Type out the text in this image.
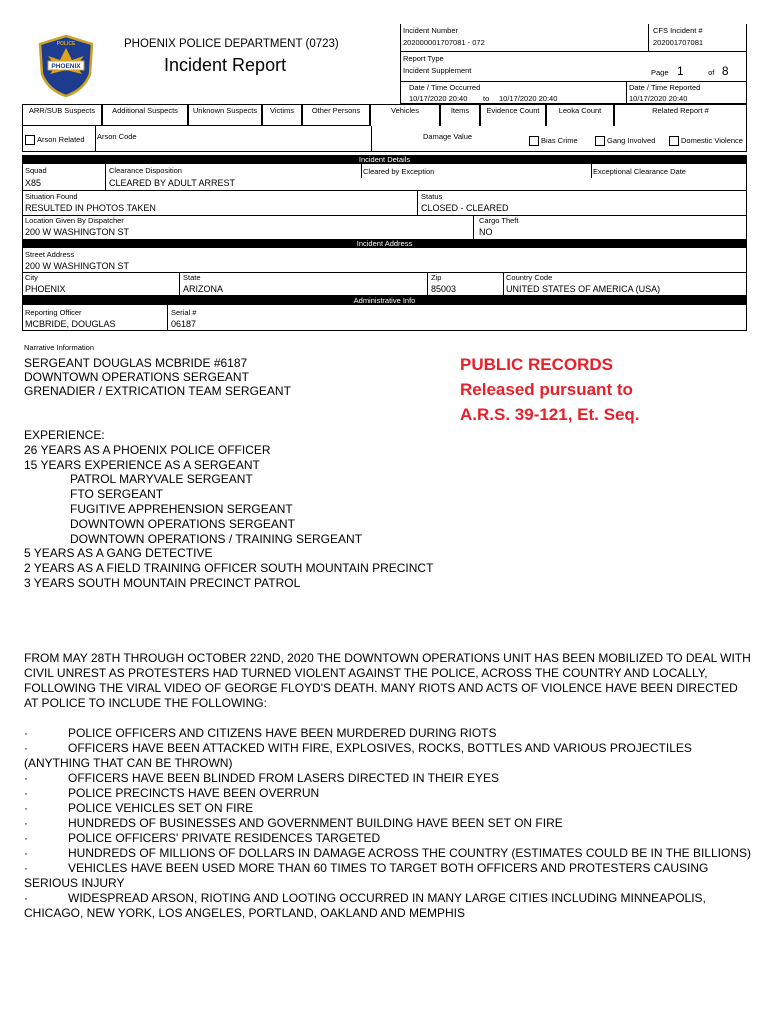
PHOENIX
POLICE	PHOENIX POLICE DEPARTMENT (0723)
Incident Report
Incident Number
202000001707081 - 072
CFS Incident #
202001707081
Report Type
Incident Supplement	Page 1	of 8
Date / Time Occurred
10/17/2020 20:40 to 10/17/2020 20:40
Date / Time Reported
10/17/2020 20:40
ARR/SUB Suspects	Additional Suspects	Unknown Suspects	Victims	Other Persons	Vehicles	Items	Evidence Count	Leoka Count	Related Report #
Arson Related Arson Code	Damage Value	Bias Crime	Gang Involved	Domestic Violence
Incident Details
Squad
X85
Clearance Disposition
CLEARED BY ADULT ARREST
Cleared by Exception	Exceptional Clearance Date
Situation Found
RESULTED IN PHOTOS TAKEN
Status
CLOSED - CLEARED
Location Given By Dispatcher
200 W WASHINGTON ST
Cargo Theft
NO
Incident Address
Street Address
200 W WASHINGTON ST
City
PHOENIX
State
ARIZONA
Zip
85003
Country Code
UNITED STATES OF AMERICA (USA)
Administrative Info
Reporting Officer
MCBRIDE, DOUGLAS
Serial #
06187
Narrative Information
SERGEANT DOUGLAS MCBRIDE #6187
DOWNTOWN OPERATIONS SERGEANT
GRENADIER / EXTRICATION TEAM SERGEANT
PUBLIC RECORDS
Released pursuant to
A.R.S. 39-121, Et. Seq.
EXPERIENCE:
26 YEARS AS A PHOENIX POLICE OFFICER
15 YEARS EXPERIENCE AS A SERGEANT
PATROL MARYVALE SERGEANT
FTO SERGEANT
FUGITIVE APPREHENSION SERGEANT
DOWNTOWN OPERATIONS SERGEANT
DOWNTOWN OPERATIONS / TRAINING SERGEANT
5 YEARS AS A GANG DETECTIVE
2 YEARS AS A FIELD TRAINING OFFICER SOUTH MOUNTAIN PRECINCT
3 YEARS SOUTH MOUNTAIN PRECINCT PATROL
FROM MAY 28TH THROUGH OCTOBER 22ND, 2020 THE DOWNTOWN OPERATIONS UNIT HAS BEEN MOBILIZED TO DEAL WITH CIVIL UNREST AS PROTESTERS HAD TURNED VIOLENT AGAINST THE POLICE, ACROSS THE COUNTRY AND LOCALLY, FOLLOWING THE VIRAL VIDEO OF GEORGE FLOYD'S DEATH. MANY RIOTS AND ACTS OF VIOLENCE HAVE BEEN DIRECTED AT POLICE TO INCLUDE THE FOLLOWING:
·	POLICE OFFICERS AND CITIZENS HAVE BEEN MURDERED DURING RIOTS
·	OFFICERS HAVE BEEN ATTACKED WITH FIRE, EXPLOSIVES, ROCKS, BOTTLES AND VARIOUS PROJECTILES (ANYTHING THAT CAN BE THROWN)
·	OFFICERS HAVE BEEN BLINDED FROM LASERS DIRECTED IN THEIR EYES
·	POLICE PRECINCTS HAVE BEEN OVERRUN
·	POLICE VEHICLES SET ON FIRE
·	HUNDREDS OF BUSINESSES AND GOVERNMENT BUILDING HAVE BEEN SET ON FIRE
·	POLICE OFFICERS' PRIVATE RESIDENCES TARGETED
·	HUNDREDS OF MILLIONS OF DOLLARS IN DAMAGE ACROSS THE COUNTRY (ESTIMATES COULD BE IN THE BILLIONS)
·	VEHICLES HAVE BEEN USED MORE THAN 60 TIMES TO TARGET BOTH OFFICERS AND PROTESTERS CAUSING SERIOUS INJURY
·	WIDESPREAD ARSON, RIOTING AND LOOTING OCCURRED IN MANY LARGE CITIES INCLUDING MINNEAPOLIS, CHICAGO, NEW YORK, LOS ANGELES, PORTLAND, OAKLAND AND MEMPHIS
